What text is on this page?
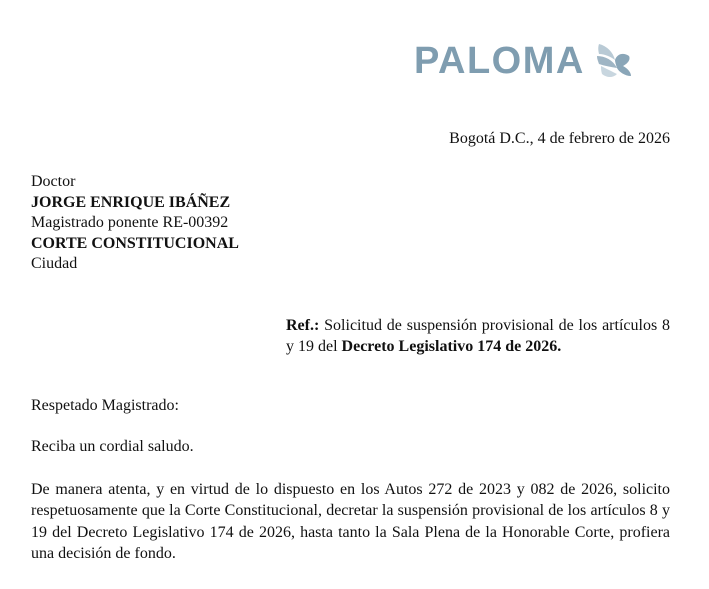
PALOMA
Bogotá D.C., 4 de febrero de 2026
Doctor
JORGE ENRIQUE IBÁÑEZ
Magistrado ponente RE-00392
CORTE CONSTITUCIONAL
Ciudad
Ref.: Solicitud de suspensión provisional de los artículos 8 y 19 del Decreto Legislativo 174 de 2026.
Respetado Magistrado:
Reciba un cordial saludo.
De manera atenta, y en virtud de lo dispuesto en los Autos 272 de 2023 y 082 de 2026, solicito respetuosamente que la Corte Constitucional, decretar la suspensión provisional de los artículos 8 y 19 del Decreto Legislativo 174 de 2026, hasta tanto la Sala Plena de la Honorable Corte, profiera una decisión de fondo.
